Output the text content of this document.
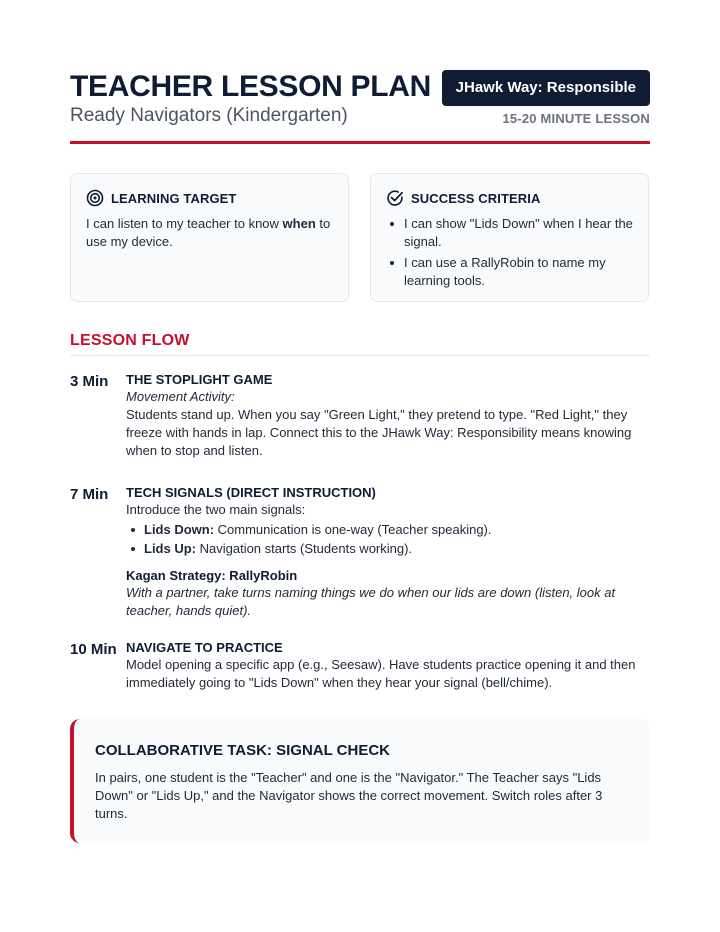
TEACHER LESSON PLAN
Ready Navigators (Kindergarten)
JHawk Way: Responsible
15-20 MINUTE LESSON
LEARNING TARGET
I can listen to my teacher to know when to use my device.
SUCCESS CRITERIA
I can show "Lids Down" when I hear the signal.
I can use a RallyRobin to name my learning tools.
LESSON FLOW
3 Min	THE STOPLIGHT GAME
Movement Activity:
Students stand up. When you say "Green Light," they pretend to type. "Red Light," they freeze with hands in lap. Connect this to the JHawk Way: Responsibility means knowing when to stop and listen.
7 Min	TECH SIGNALS (DIRECT INSTRUCTION)
Introduce the two main signals:
Lids Down: Communication is one-way (Teacher speaking).
Lids Up: Navigation starts (Students working).
Kagan Strategy: RallyRobin
With a partner, take turns naming things we do when our lids are down (listen, look at teacher, hands quiet).
10 Min NAVIGATE TO PRACTICE
Model opening a specific app (e.g., Seesaw). Have students practice opening it and then immediately going to "Lids Down" when they hear your signal (bell/chime).
COLLABORATIVE TASK: SIGNAL CHECK
In pairs, one student is the "Teacher" and one is the "Navigator." The Teacher says "Lids Down" or "Lids Up," and the Navigator shows the correct movement. Switch roles after 3 turns.
